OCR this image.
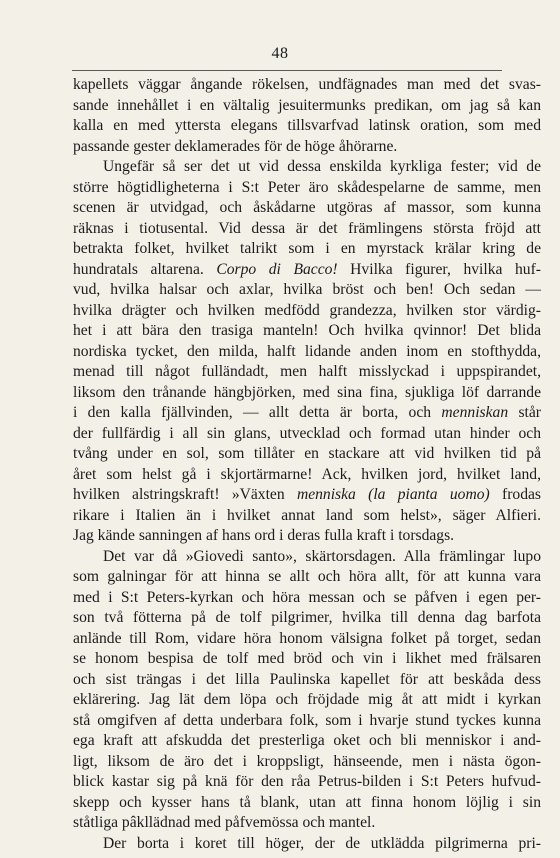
48
kapellets väggar ångande rökelsen, undfägnades man med det svas-
sande innehållet i en vältalig jesuitermunks predikan, om jag så kan
kalla en med yttersta elegans tillsvarfvad latinsk oration, som med
passande gester deklamerades för de höge åhörarne.
Ungefär så ser det ut vid dessa enskilda kyrkliga fester; vid de
större högtidligheterna i S:t Peter äro skådespelarne de samme, men
scenen är utvidgad, och åskådarne utgöras af massor, som kunna
räknas i tiotusental. Vid dessa är det främlingens största fröjd att
betrakta folket, hvilket talrikt som i en myrstack krälar kring de
hundratals altarena. Corpo di Bacco! Hvilka figurer, hvilka huf-
vud, hvilka halsar och axlar, hvilka bröst och ben! Och sedan —
hvilka drägter och hvilken medfödd grandezza, hvilken stor värdig-
het i att bära den trasiga manteln! Och hvilka qvinnor! Det blida
nordiska tycket, den milda, halft lidande anden inom en stofthydda,
menad till något fulländadt, men halft misslyckad i uppspirandet,
liksom den trånande hängbjörken, med sina fina, sjukliga löf darrande
i den kalla fjällvinden, — allt detta är borta, och menniskan står
der fullfärdig i all sin glans, utvecklad och formad utan hinder och
tvång under en sol, som tillåter en stackare att vid hvilken tid på
året som helst gå i skjortärmarne! Ack, hvilken jord, hvilket land,
hvilken alstringskraft! »Växten menniska (la pianta uomo) frodas
rikare i Italien än i hvilket annat land som helst», säger Alfieri.
Jag kände sanningen af hans ord i deras fulla kraft i torsdags.
Det var då »Giovedi santo», skärtorsdagen. Alla främlingar lupo
som galningar för att hinna se allt och höra allt, för att kunna vara
med i S:t Peters-kyrkan och höra messan och se påfven i egen per-
son två fötterna på de tolf pilgrimer, hvilka till denna dag barfota
anlände till Rom, vidare höra honom välsigna folket på torget, sedan
se honom bespisa de tolf med bröd och vin i likhet med frälsaren
och sist trängas i det lilla Paulinska kapellet för att beskåda dess
eklärering. Jag lät dem löpa och fröjdade mig åt att midt i kyrkan
stå omgifven af detta underbara folk, som i hvarje stund tyckes kunna
ega kraft att afskudda det presterliga oket och bli menniskor i and-
ligt, liksom de äro det i kroppsligt, hänseende, men i nästa ögon-
blick kastar sig på knä för den råa Petrus-bilden i S:t Peters hufvud-
skepp och kysser hans tå blank, utan att finna honom löjlig i sin
ståtliga pâkllädnad med påfvemössa och mantel.
Der borta i koret till höger, der de utklädda pilgrimerna pri-
